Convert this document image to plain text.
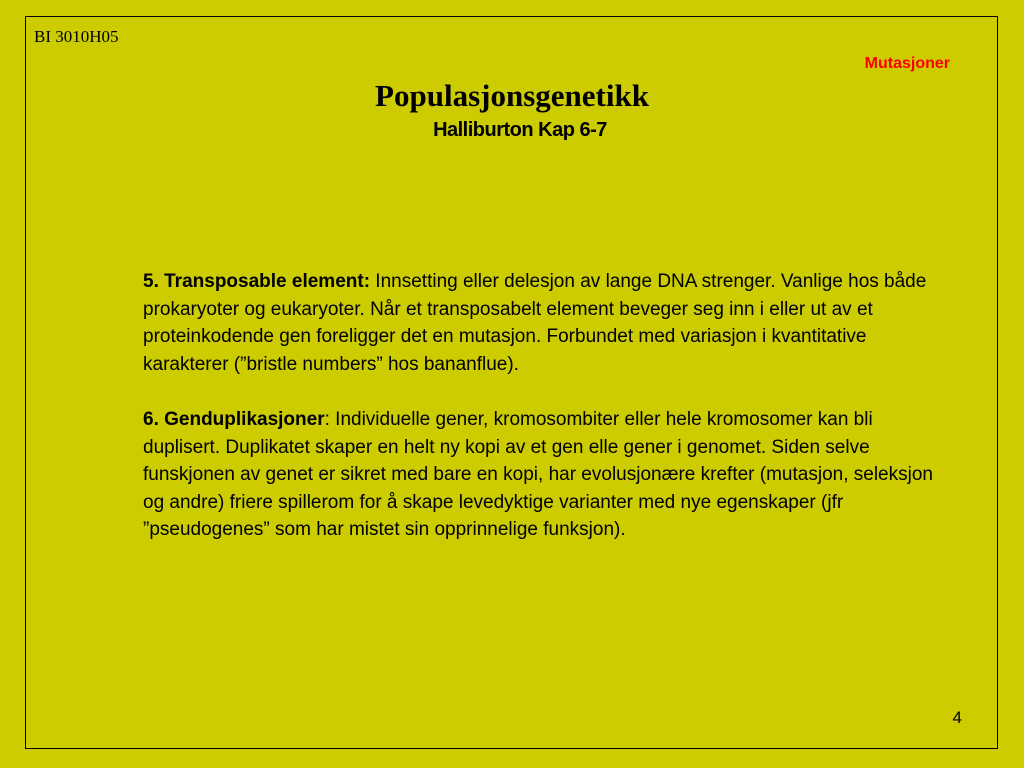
BI 3010H05
Mutasjoner
Populasjonsgenetikk
Halliburton Kap 6-7

5. Transposable element: Innsetting eller delesjon av lange DNA strenger. Vanlige hos både prokaryoter og eukaryoter. Når et transposabelt element beveger seg inn i eller ut av et proteinkodende gen foreligger det en mutasjon. Forbundet med variasjon i kvantitative karakterer (”bristle numbers” hos bananflue).

6. Genduplikasjoner: Individuelle gener, kromosombiter eller hele kromosomer kan bli duplisert. Duplikatet skaper en helt ny kopi av et gen elle gener i genomet. Siden selve funskjonen av genet er sikret med bare en kopi, har evolusjonære krefter (mutasjon, seleksjon og andre) friere spillerom for å skape levedyktige varianter med nye egenskaper (jfr ”pseudogenes” som har mistet sin opprinnelige funksjon).

4
